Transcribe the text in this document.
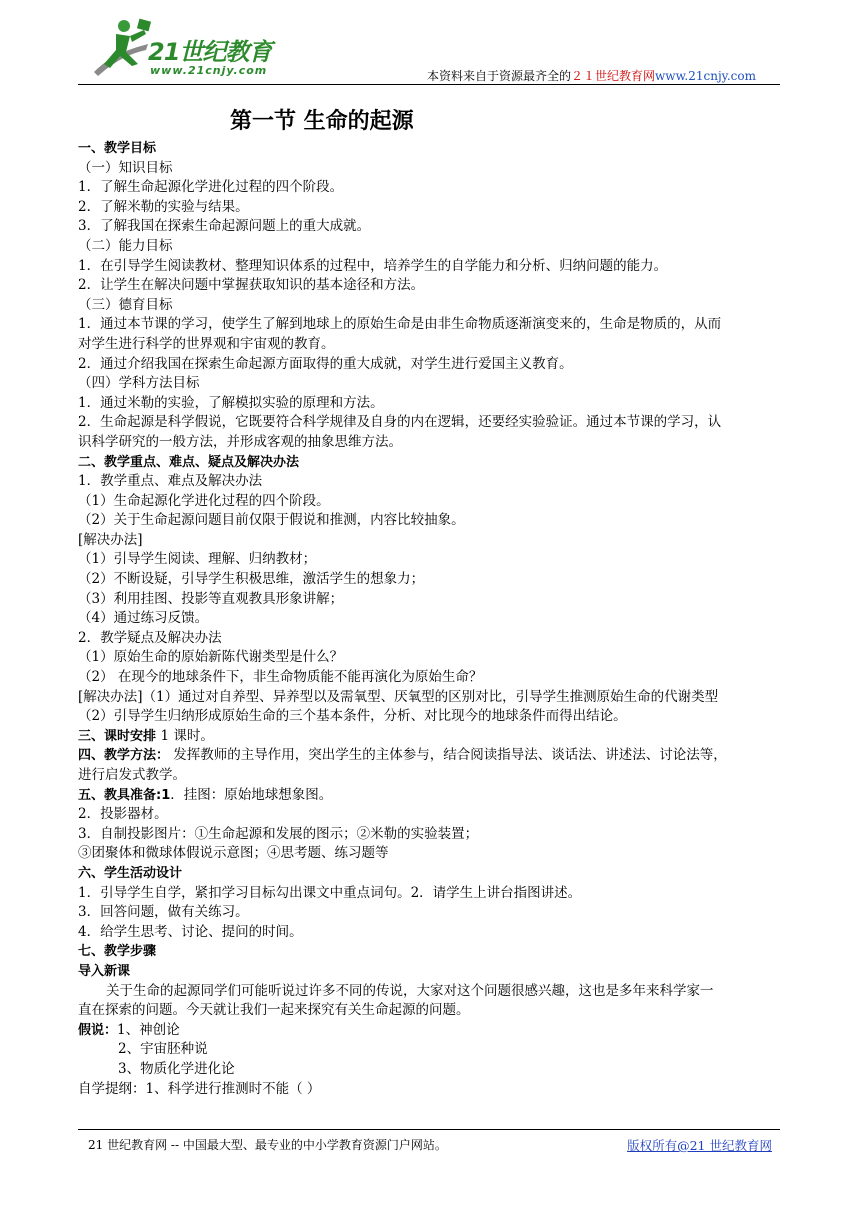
21世纪教育
www.21cnjy.com	本资料来自于资源最齐全的２１世纪教育网www.21cnjy.com
第一节 生命的起源
一、教学目标
（一）知识目标
1．了解生命起源化学进化过程的四个阶段。
2．了解米勒的实验与结果。
3．了解我国在探索生命起源问题上的重大成就。
（二）能力目标
1．在引导学生阅读教材、整理知识体系的过程中，培养学生的自学能力和分析、归纳问题的能力。
2．让学生在解决问题中掌握获取知识的基本途径和方法。
（三）德育目标
1．通过本节课的学习，使学生了解到地球上的原始生命是由非生命物质逐渐演变来的，生命是物质的，从而
对学生进行科学的世界观和宇宙观的教育。
2．通过介绍我国在探索生命起源方面取得的重大成就，对学生进行爱国主义教育。
（四）学科方法目标
1．通过米勒的实验，了解模拟实验的原理和方法。
2．生命起源是科学假说，它既要符合科学规律及自身的内在逻辑，还要经实验验证。通过本节课的学习，认
识科学研究的一般方法，并形成客观的抽象思维方法。
二、教学重点、难点、疑点及解决办法
1．教学重点、难点及解决办法
（1）生命起源化学进化过程的四个阶段。
（2）关于生命起源问题目前仅限于假说和推测，内容比较抽象。
[解决办法]
（1）引导学生阅读、理解、归纳教材；
（2）不断设疑，引导学生积极思维，激活学生的想象力；
（3）利用挂图、投影等直观教具形象讲解；
（4）通过练习反馈。
2．教学疑点及解决办法
（1）原始生命的原始新陈代谢类型是什么？
（2） 在现今的地球条件下，非生命物质能不能再演化为原始生命？
[解决办法]（1）通过对自养型、异养型以及需氧型、厌氧型的区别对比，引导学生推测原始生命的代谢类型
（2）引导学生归纳形成原始生命的三个基本条件，分析、对比现今的地球条件而得出结论。
三、课时安排 1 课时。
四、教学方法： 发挥教师的主导作用，突出学生的主体参与，结合阅读指导法、谈话法、讲述法、讨论法等，
进行启发式教学。
五、教具准备:1．挂图：原始地球想象图。
2．投影器材。
3．自制投影图片：①生命起源和发展的图示；②米勒的实验装置；
③团聚体和微球体假说示意图；④思考题、练习题等
六、学生活动设计
1．引导学生自学，紧扣学习目标勾出课文中重点词句。2．请学生上讲台指图讲述。
3．回答问题，做有关练习。
4．给学生思考、讨论、提问的时间。
七、教学步骤
导入新课
关于生命的起源同学们可能听说过许多不同的传说，大家对这个问题很感兴趣，这也是多年来科学家一
直在探索的问题。今天就让我们一起来探究有关生命起源的问题。
假说：1、神创论
2、宇宙胚种说
3、物质化学进化论
自学提纲：1、科学进行推测时不能（ ）
21 世纪教育网 -- 中国最大型、最专业的中小学教育资源门户网站。	版权所有@21 世纪教育网
